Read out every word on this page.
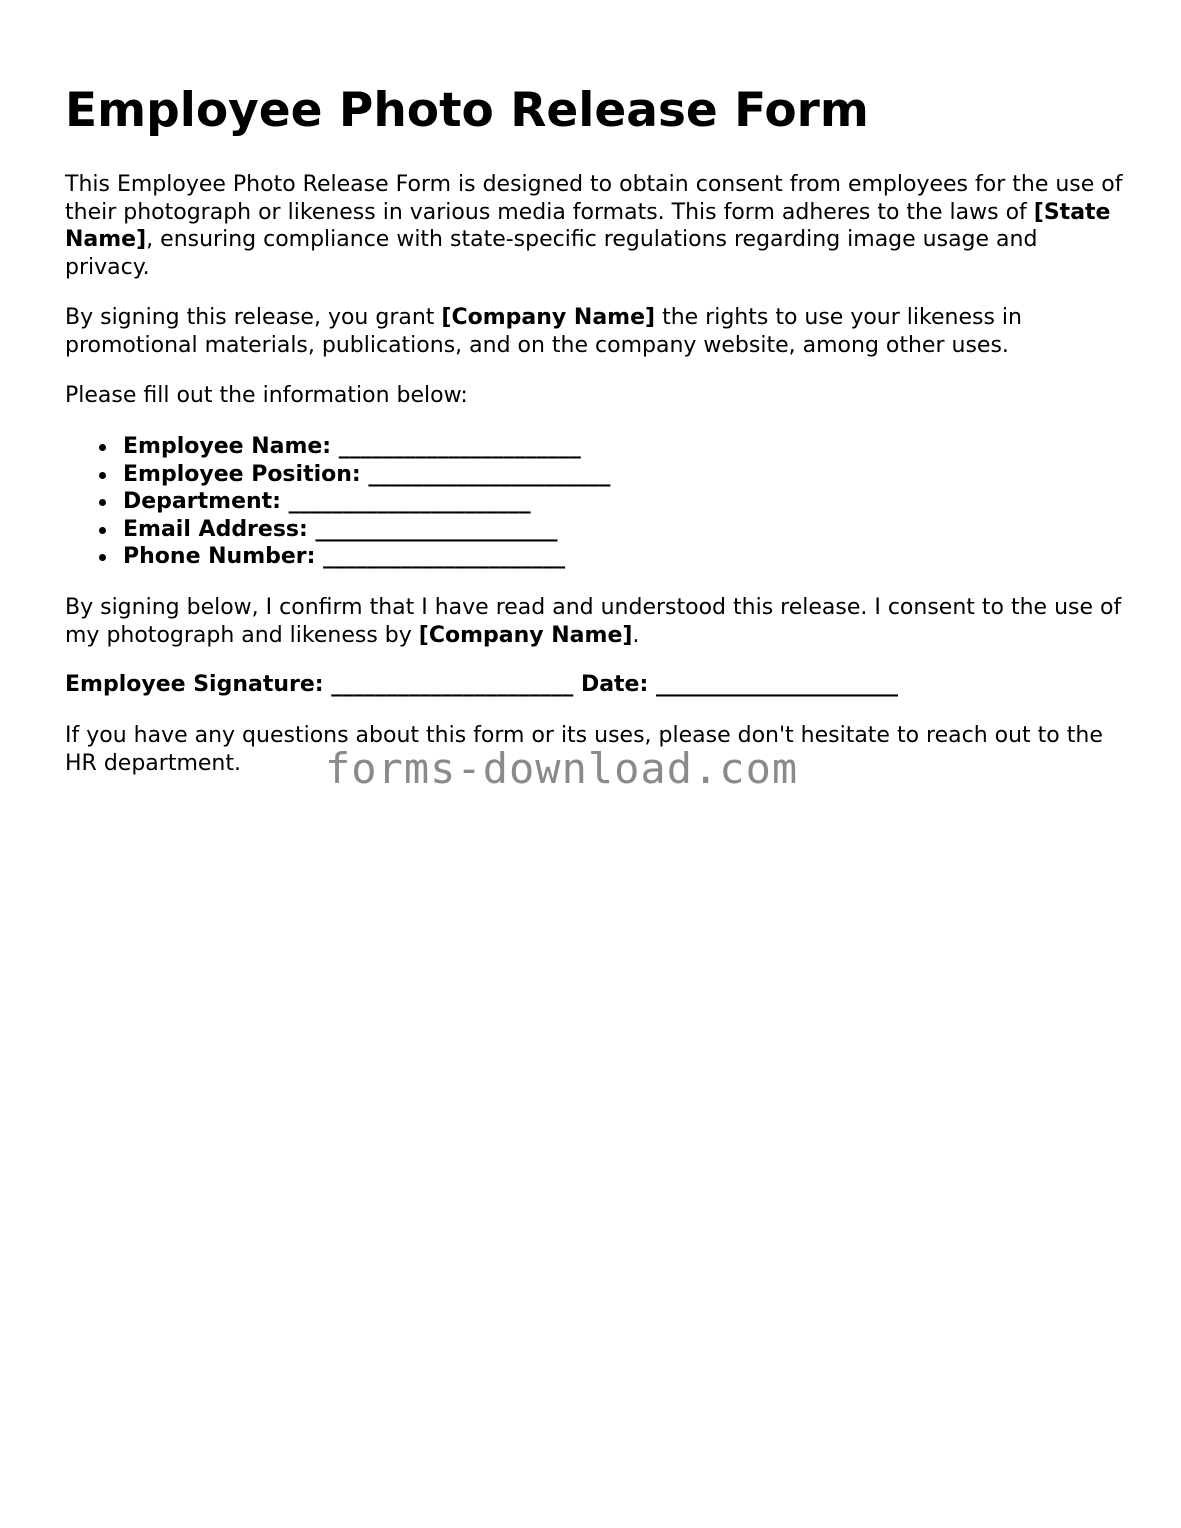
Employee Photo Release Form

This Employee Photo Release Form is designed to obtain consent from employees for the use of their photograph or likeness in various media formats. This form adheres to the laws of [State Name], ensuring compliance with state-specific regulations regarding image usage and privacy.

By signing this release, you grant [Company Name] the rights to use your likeness in promotional materials, publications, and on the company website, among other uses.

Please fill out the information below:

Employee Name: ______________________
Employee Position: ______________________
Department: ______________________
Email Address: ______________________
Phone Number: ______________________

By signing below, I confirm that I have read and understood this release. I consent to the use of my photograph and likeness by [Company Name].

Employee Signature: ______________________ Date: ______________________

If you have any questions about this form or its uses, please don't hesitate to reach out to the HR department.	forms-download.com
